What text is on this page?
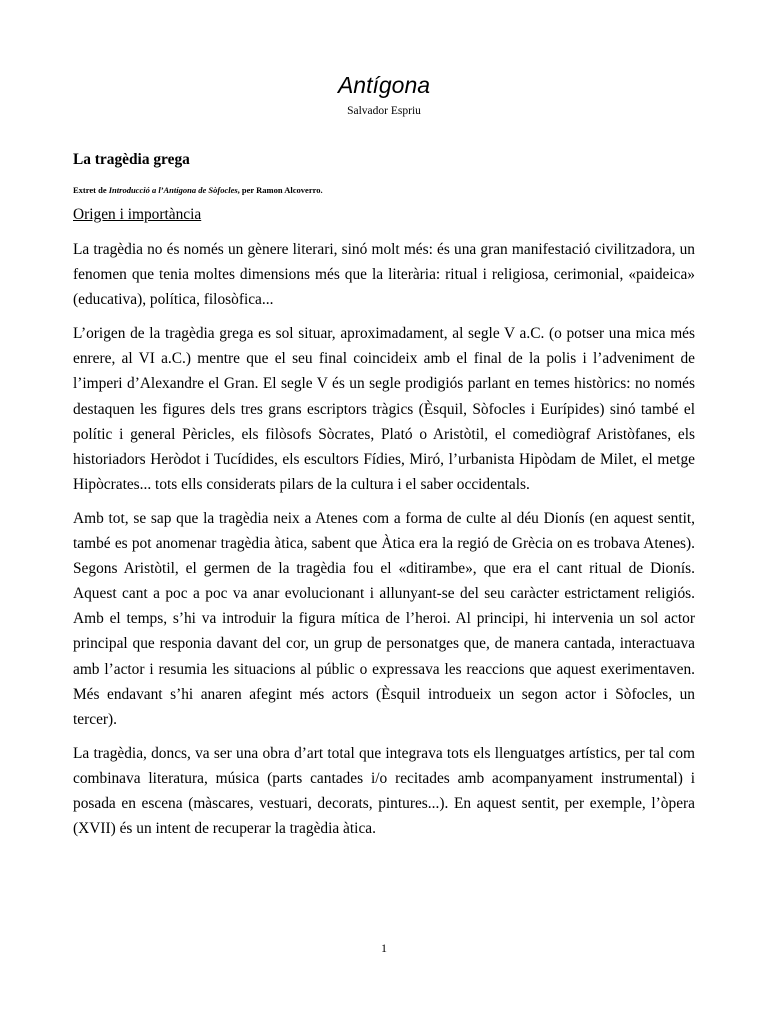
Antígona
Salvador Espriu
La tragèdia grega
Extret de Introducció a l’Antígona de Sòfocles, per Ramon Alcoverro.
Origen i importància
La tragèdia no és només un gènere literari, sinó molt més: és una gran manifestació civilitzadora, un
fenomen que tenia moltes dimensions més que la literària: ritual i religiosa, cerimonial, «paideica»
(educativa), política, filosòfica...
L’origen de la tragèdia grega es sol situar, aproximadament, al segle V a.C. (o potser una mica més
enrere, al VI a.C.) mentre que el seu final coincideix amb el final de la polis i l’adveniment de
l’imperi d’Alexandre el Gran. El segle V és un segle prodigiós parlant en temes històrics: no només
destaquen les figures dels tres grans escriptors tràgics (Èsquil, Sòfocles i Eurípides) sinó també el
polític i general Pèricles, els filòsofs Sòcrates, Plató o Aristòtil, el comediògraf Aristòfanes, els
historiadors Heròdot i Tucídides, els escultors Fídies, Miró, l’urbanista Hipòdam de Milet, el metge
Hipòcrates... tots ells considerats pilars de la cultura i el saber occidentals.
Amb tot, se sap que la tragèdia neix a Atenes com a forma de culte al déu Dionís (en aquest sentit,
també es pot anomenar tragèdia àtica, sabent que Àtica era la regió de Grècia on es trobava Atenes).
Segons Aristòtil, el germen de la tragèdia fou el «ditirambe», que era el cant ritual de Dionís.
Aquest cant a poc a poc va anar evolucionant i allunyant-se del seu caràcter estrictament religiós.
Amb el temps, s’hi va introduir la figura mítica de l’heroi. Al principi, hi intervenia un sol actor
principal que responia davant del cor, un grup de personatges que, de manera cantada, interactuava
amb l’actor i resumia les situacions al públic o expressava les reaccions que aquest exerimentaven.
Més endavant s’hi anaren afegint més actors (Èsquil introdueix un segon actor i Sòfocles, un
tercer).
La tragèdia, doncs, va ser una obra d’art total que integrava tots els llenguatges artístics, per tal com
combinava literatura, música (parts cantades i/o recitades amb acompanyament instrumental) i
posada en escena (màscares, vestuari, decorats, pintures...). En aquest sentit, per exemple, l’òpera
(XVII) és un intent de recuperar la tragèdia àtica.
1
